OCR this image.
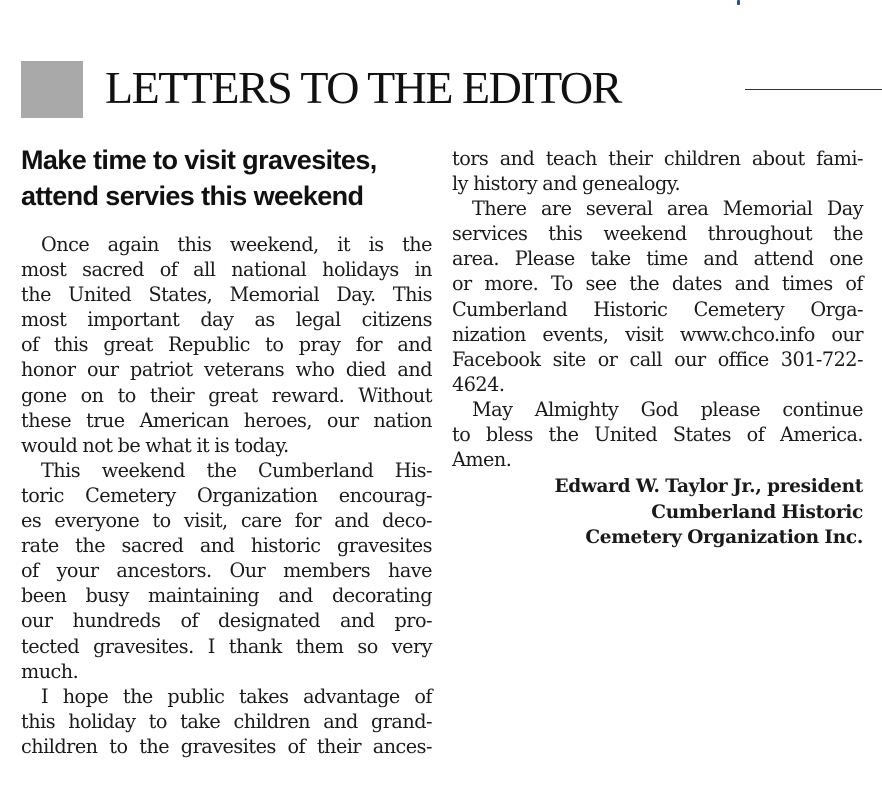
LETTERS TO THE EDITOR
Make time to visit gravesites,
attend servies this weekend
Once again this weekend, it is the
most sacred of all national holidays in
the United States, Memorial Day. This
most important day as legal citizens
of this great Republic to pray for and
honor our patriot veterans who died and
gone on to their great reward. Without
these true American heroes, our nation
would not be what it is today.
This weekend the Cumberland His-
toric Cemetery Organization encourag-
es everyone to visit, care for and deco-
rate the sacred and historic gravesites
of your ancestors. Our members have
been busy maintaining and decorating
our hundreds of designated and pro-
tected gravesites. I thank them so very
much.
I hope the public takes advantage of
this holiday to take children and grand-
children to the gravesites of their ances-
tors and teach their children about fami-
ly history and genealogy.
There are several area Memorial Day
services this weekend throughout the
area. Please take time and attend one
or more. To see the dates and times of
Cumberland Historic Cemetery Orga-
nization events, visit www.chco.info our
Facebook site or call our office 301-722-
4624.
May Almighty God please continue
to bless the United States of America.
Amen.
Edward W. Taylor Jr., president
Cumberland Historic
Cemetery Organization Inc.
